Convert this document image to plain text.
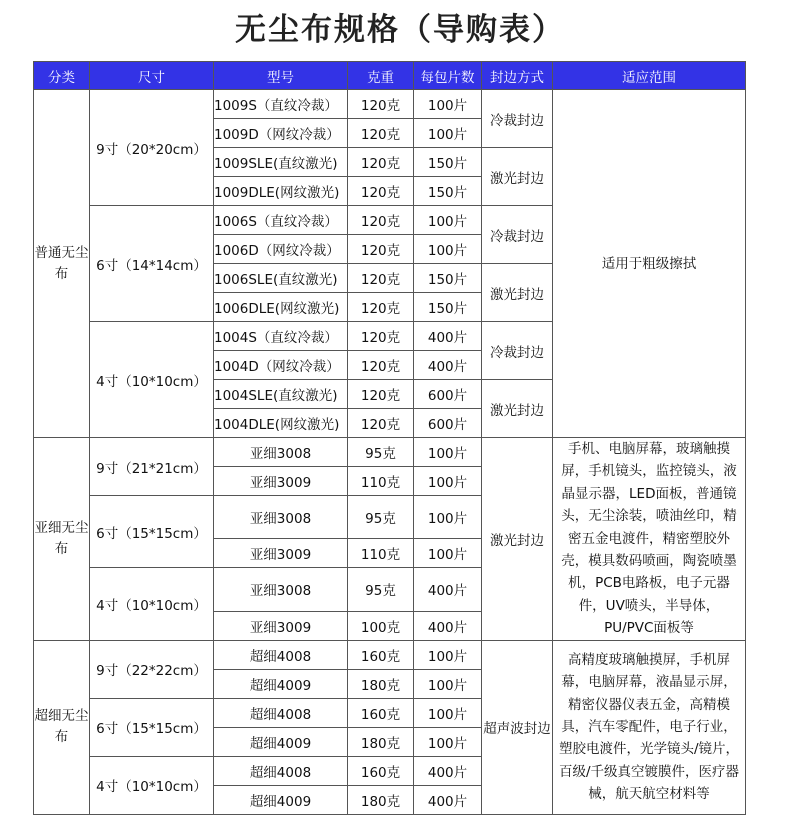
无尘布规格（导购表）
分类	尺寸	型号	克重	每包片数	封边方式	适应范围
普通无尘布	9寸（20*20cm）	1009S（直纹冷裁）	120克	100片	冷裁封边	适用于粗级擦拭
		1009D（网纹冷裁）	120克	100片		
		1009SLE(直纹激光)	120克	150片	激光封边	
		1009DLE(网纹激光)	120克	150片		
	6寸（14*14cm）	1006S（直纹冷裁）	120克	100片	冷裁封边	
		1006D（网纹冷裁）	120克	100片		
		1006SLE(直纹激光)	120克	150片	激光封边	
		1006DLE(网纹激光)	120克	150片		
	4寸（10*10cm）	1004S（直纹冷裁）	120克	400片	冷裁封边	
		1004D（网纹冷裁）	120克	400片		
		1004SLE(直纹激光)	120克	600片	激光封边	
		1004DLE(网纹激光)	120克	600片		
亚细无尘布	9寸（21*21cm）	亚细3008	95克	100片	激光封边	手机、电脑屏幕，玻璃触摸屏，手机镜头，监控镜头，液晶显示器，LED面板，普通镜头，无尘涂装，喷油丝印，精密五金电渡件，精密塑胶外壳，模具数码喷画，陶瓷喷墨机，PCB电路板，电子元器件，UV喷头，半导体，PU/PVC面板等
		亚细3009	110克	100片		
	6寸（15*15cm）	亚细3008	95克	100片		
		亚细3009	110克	100片		
	4寸（10*10cm）	亚细3008	95克	400片		
		亚细3009	100克	400片		
超细无尘布	9寸（22*22cm）	超细4008	160克	100片	超声波封边	高精度玻璃触摸屏，手机屏幕，电脑屏幕，液晶显示屏，精密仪器仪表五金，高精模具，汽车零配件，电子行业，塑胶电渡件，光学镜头/镜片，百级/千级真空镀膜件，医疗器械，航天航空材料等
		超细4009	180克	100片		
	6寸（15*15cm）	超细4008	160克	100片		
		超细4009	180克	100片		
	4寸（10*10cm）	超细4008	160克	400片		
		超细4009	180克	400片		
